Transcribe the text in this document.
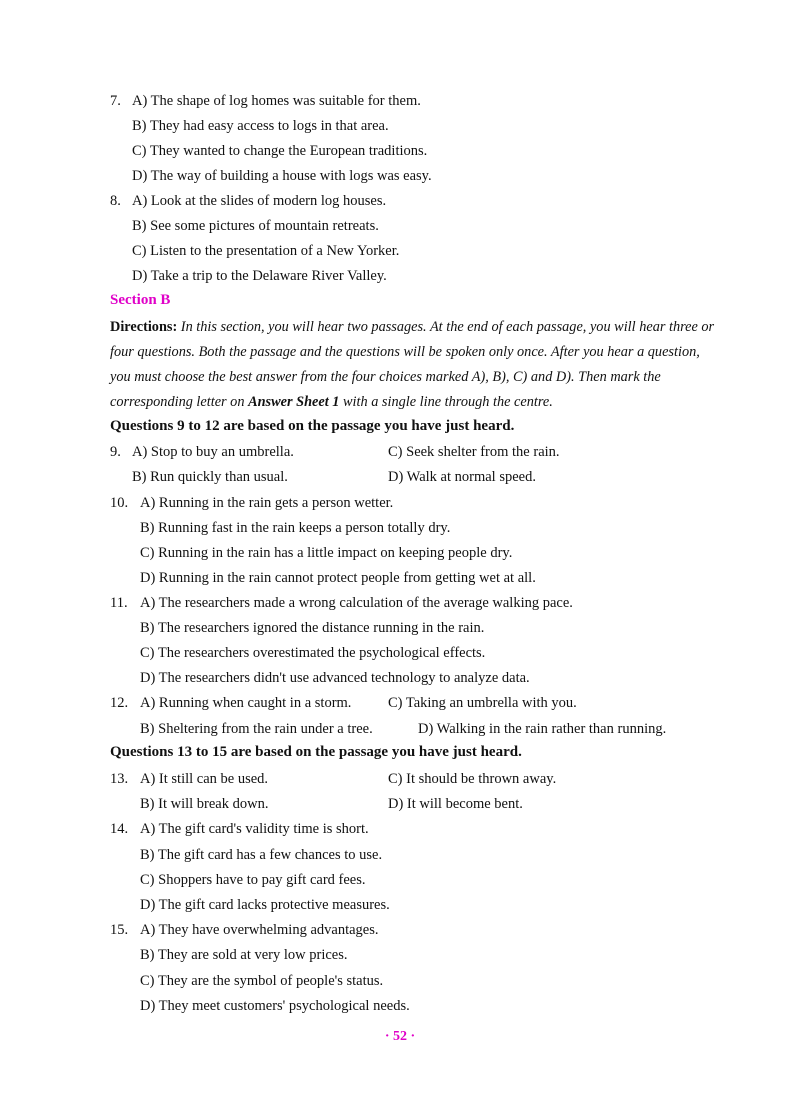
7. A) The shape of log homes was suitable for them.
B) They had easy access to logs in that area.
C) They wanted to change the European traditions.
D) The way of building a house with logs was easy.
8. A) Look at the slides of modern log houses.
B) See some pictures of mountain retreats.
C) Listen to the presentation of a New Yorker.
D) Take a trip to the Delaware River Valley.
Section B
Directions: In this section, you will hear two passages. At the end of each passage, you will hear three or four questions. Both the passage and the questions will be spoken only once. After you hear a question, you must choose the best answer from the four choices marked A), B), C) and D). Then mark the corresponding letter on Answer Sheet 1 with a single line through the centre.
Questions 9 to 12 are based on the passage you have just heard.
9. A) Stop to buy an umbrella.	C) Seek shelter from the rain.
B) Run quickly than usual.	D) Walk at normal speed.
10. A) Running in the rain gets a person wetter.
B) Running fast in the rain keeps a person totally dry.
C) Running in the rain has a little impact on keeping people dry.
D) Running in the rain cannot protect people from getting wet at all.
11. A) The researchers made a wrong calculation of the average walking pace.
B) The researchers ignored the distance running in the rain.
C) The researchers overestimated the psychological effects.
D) The researchers didn't use advanced technology to analyze data.
12. A) Running when caught in a storm.	C) Taking an umbrella with you.
B) Sheltering from the rain under a tree.	D) Walking in the rain rather than running.
Questions 13 to 15 are based on the passage you have just heard.
13. A) It still can be used.	C) It should be thrown away.
B) It will break down.	D) It will become bent.
14. A) The gift card's validity time is short.
B) The gift card has a few chances to use.
C) Shoppers have to pay gift card fees.
D) The gift card lacks protective measures.
15. A) They have overwhelming advantages.
B) They are sold at very low prices.
C) They are the symbol of people's status.
D) They meet customers' psychological needs.
· 52 ·
